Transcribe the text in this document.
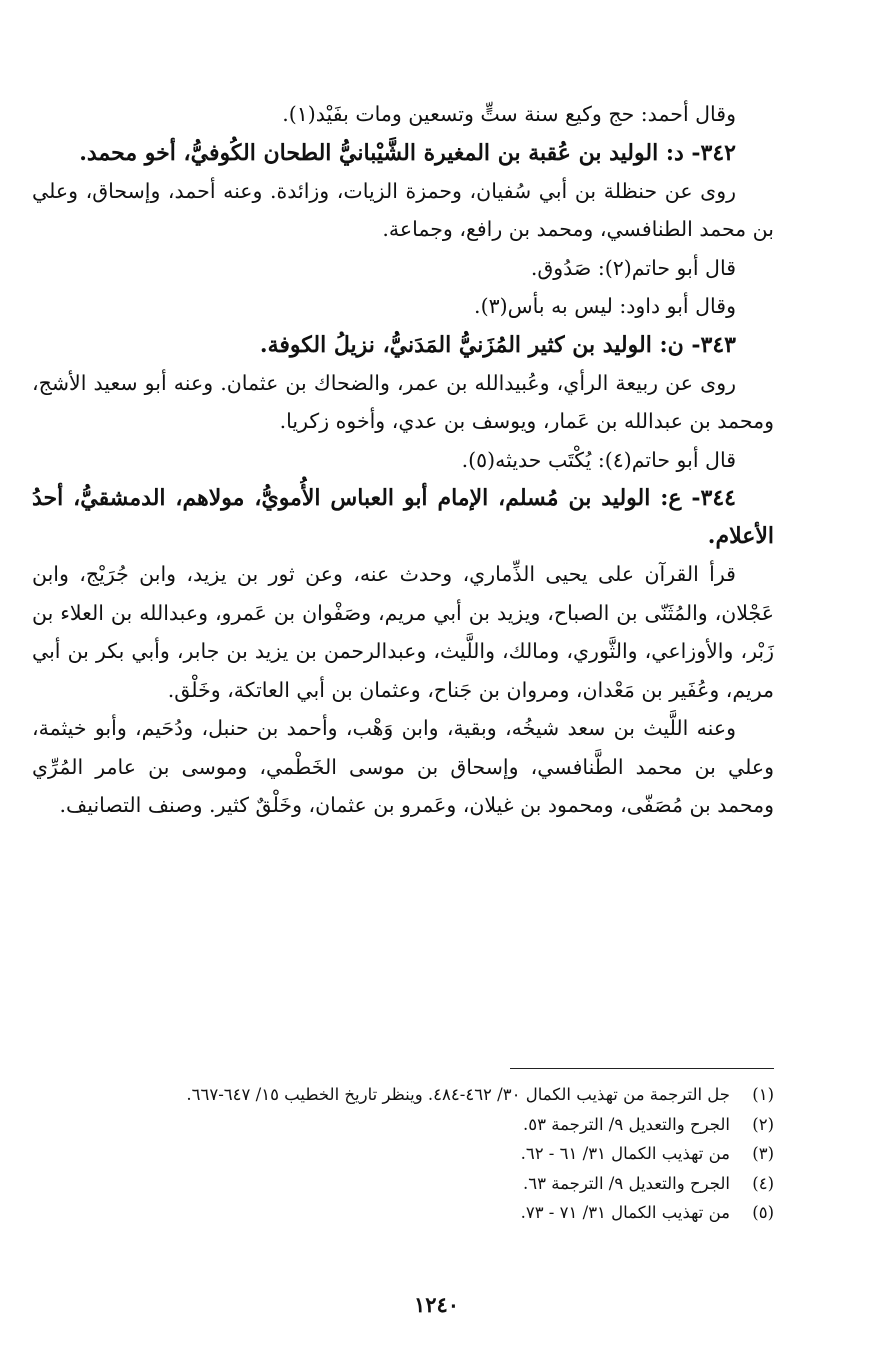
وقال أحمد: حج وكيع سنة ستٍّ وتسعين ومات بفَيْد(١).

٣٤٢- د: الوليد بن عُقبة بن المغيرة الشَّيْبانيُّ الطحان الكُوفيُّ، أخو محمد.

روى عن حنظلة بن أبي سُفيان، وحمزة الزيات، وزائدة. وعنه أحمد، وإسحاق، وعلي بن محمد الطنافسي، ومحمد بن رافع، وجماعة.

قال أبو حاتم(٢): صَدُوق.

وقال أبو داود: ليس به بأس(٣).

٣٤٣- ن: الوليد بن كثير المُزَنيُّ المَدَنيُّ، نزيلُ الكوفة.

روى عن ربيعة الرأي، وعُبيدالله بن عمر، والضحاك بن عثمان. وعنه أبو سعيد الأشج، ومحمد بن عبدالله بن عَمار، ويوسف بن عدي، وأخوه زكريا.

قال أبو حاتم(٤): يُكْتَب حديثه(٥).

٣٤٤- ع: الوليد بن مُسلم، الإمام أبو العباس الأُمويُّ، مولاهم، الدمشقيُّ، أحدُ الأعلام.

قرأ القرآن على يحيى الذِّماري، وحدث عنه، وعن ثور بن يزيد، وابن جُرَيْج، وابن عَجْلان، والمُثَنّى بن الصباح، ويزيد بن أبي مريم، وصَفْوان بن عَمرو، وعبدالله بن العلاء بن زَبْر، والأوزاعي، والثَّوري، ومالك، واللَّيث، وعبدالرحمن بن يزيد بن جابر، وأبي بكر بن أبي مريم، وعُفَير بن مَعْدان، ومروان بن جَناح، وعثمان بن أبي العاتكة، وخَلْق.

وعنه اللَّيث بن سعد شيخُه، وبقية، وابن وَهْب، وأحمد بن حنبل، ودُحَيم، وأبو خيثمة، وعلي بن محمد الطَّنافسي، وإسحاق بن موسى الخَطْمي، وموسى بن عامر المُرِّي ومحمد بن مُصَفّى، ومحمود بن غيلان، وعَمرو بن عثمان، وخَلْقٌ كثير. وصنف التصانيف.

(١)جل الترجمة من تهذيب الكمال ٣٠/ ٤٦٢-٤٨٤. وينظر تاريخ الخطيب ١٥/ ٦٤٧-٦٦٧.
(٢)الجرح والتعديل ٩/ الترجمة ٥٣.
(٣)من تهذيب الكمال ٣١/ ٦١ - ٦٢.
(٤)الجرح والتعديل ٩/ الترجمة ٦٣.
(٥)من تهذيب الكمال ٣١/ ٧١ - ٧٣.
١٢٤٠
